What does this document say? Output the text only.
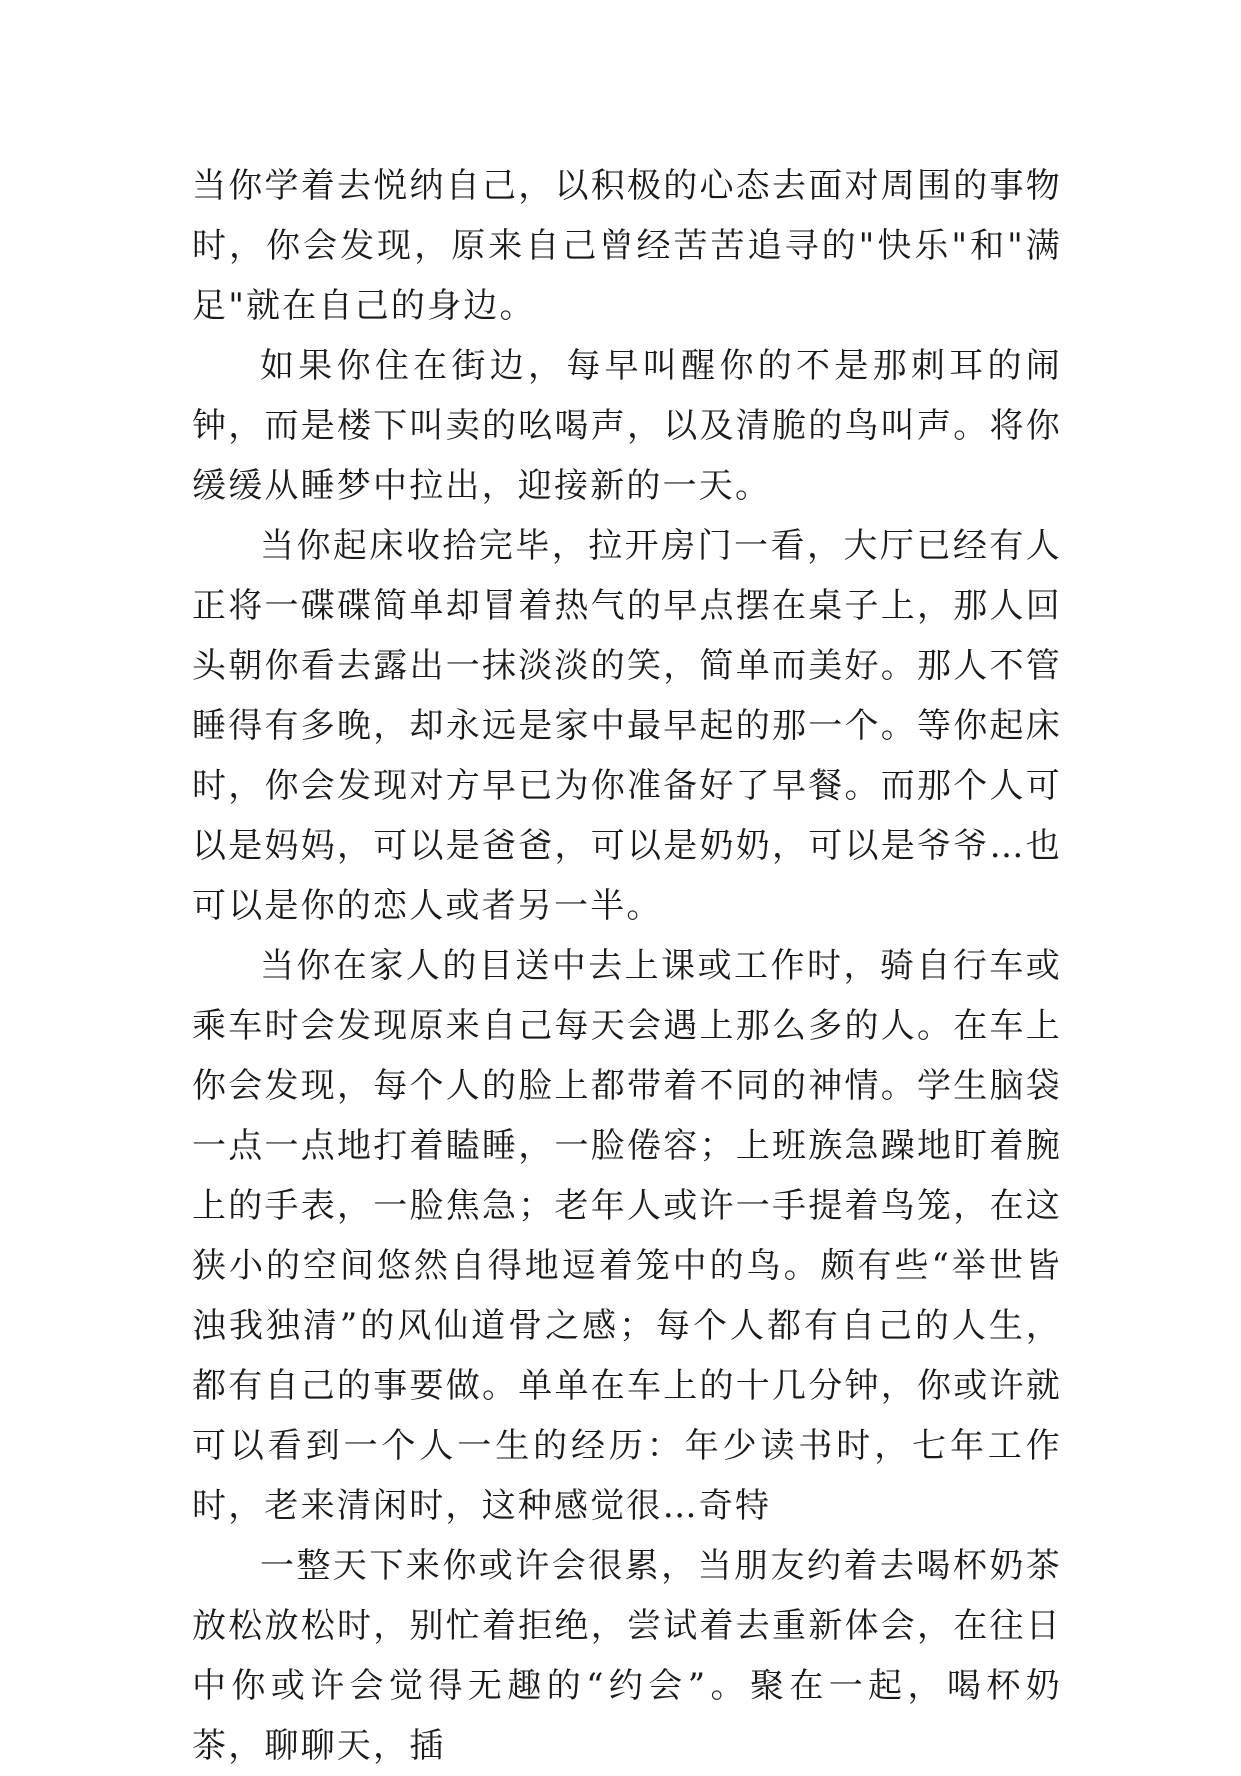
当你学着去悦纳自己，以积极的心态去面对周围的事物时，你会发现，原来自己曾经苦苦追寻的"快乐"和"满足"就在自己的身边。

如果你住在街边，每早叫醒你的不是那刺耳的闹钟，而是楼下叫卖的吆喝声，以及清脆的鸟叫声。将你缓缓从睡梦中拉出，迎接新的一天。

当你起床收拾完毕，拉开房门一看，大厅已经有人正将一碟碟简单却冒着热气的早点摆在桌子上，那人回头朝你看去露出一抹淡淡的笑，简单而美好。那人不管睡得有多晚，却永远是家中最早起的那一个。等你起床时，你会发现对方早已为你准备好了早餐。而那个人可以是妈妈，可以是爸爸，可以是奶奶，可以是爷爷…也可以是你的恋人或者另一半。

当你在家人的目送中去上课或工作时，骑自行车或乘车时会发现原来自己每天会遇上那么多的人。在车上你会发现，每个人的脸上都带着不同的神情。学生脑袋一点一点地打着瞌睡，一脸倦容；上班族急躁地盯着腕上的手表，一脸焦急；老年人或许一手提着鸟笼，在这狭小的空间悠然自得地逗着笼中的鸟。颇有些“举世皆浊我独清”的风仙道骨之感；每个人都有自己的人生，都有自己的事要做。单单在车上的十几分钟，你或许就可以看到一个人一生的经历：年少读书时，七年工作时，老来清闲时，这种感觉很…奇特

一整天下来你或许会很累，当朋友约着去喝杯奶茶放松放松时，别忙着拒绝，尝试着去重新体会，在往日中你或许会觉得无趣的“约会”。聚在一起，喝杯奶茶，聊聊天，插
